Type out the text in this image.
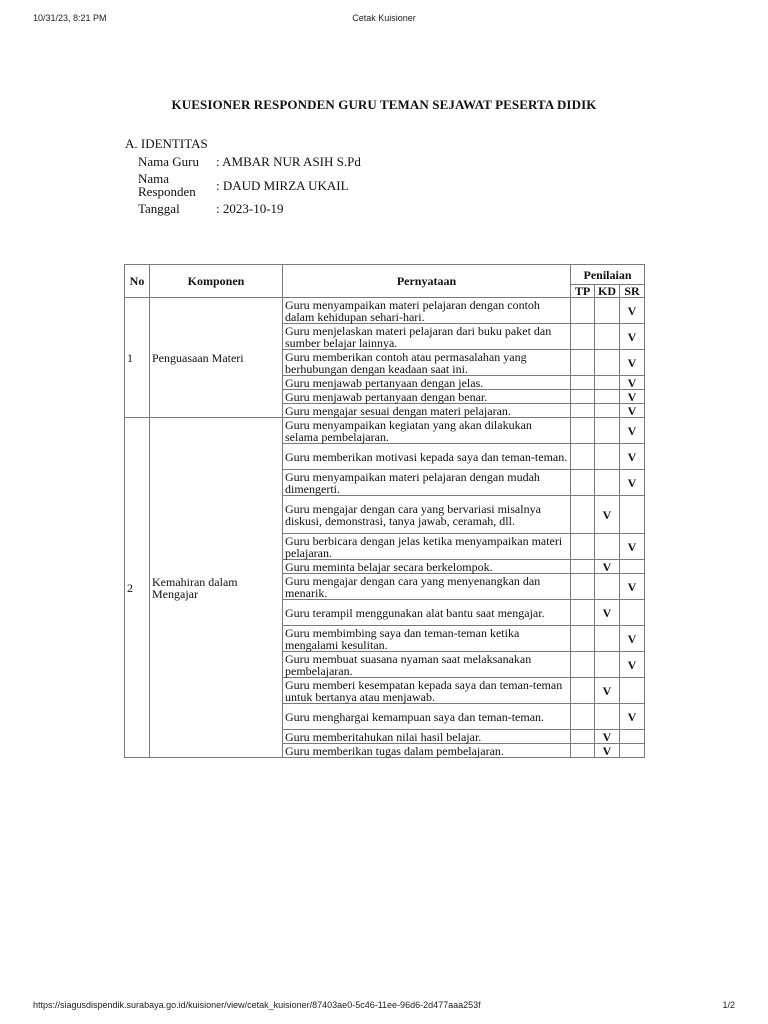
10/31/23, 8:21 PM	Cetak Kuisioner
KUESIONER RESPONDEN GURU TEMAN SEJAWAT PESERTA DIDIK
A. IDENTITAS
Nama Guru	: AMBAR NUR ASIH S.Pd
Nama Responden	: DAUD MIRZA UKAIL
Tanggal	: 2023-10-19
No	Komponen	Pernyataan	Penilaian		
			TP	KD	SR
1	Penguasaan Materi	Guru menyampaikan materi pelajaran dengan contoh dalam kehidupan sehari-hari.			V
		Guru menjelaskan materi pelajaran dari buku paket dan sumber belajar lainnya.			V
		Guru memberikan contoh atau permasalahan yang berhubungan dengan keadaan saat ini.			V
		Guru menjawab pertanyaan dengan jelas.			V
		Guru menjawab pertanyaan dengan benar.			V
		Guru mengajar sesuai dengan materi pelajaran.			V
2	Kemahiran dalam Mengajar	Guru menyampaikan kegiatan yang akan dilakukan selama pembelajaran.			V
		Guru memberikan motivasi kepada saya dan teman-teman.			V
		Guru menyampaikan materi pelajaran dengan mudah dimengerti.			V
		Guru mengajar dengan cara yang bervariasi misalnya diskusi, demonstrasi, tanya jawab, ceramah, dll.		V	
		Guru berbicara dengan jelas ketika menyampaikan materi pelajaran.			V
		Guru meminta belajar secara berkelompok.		V	
		Guru mengajar dengan cara yang menyenangkan dan menarik.			V
		Guru terampil menggunakan alat bantu saat mengajar.		V	
		Guru membimbing saya dan teman-teman ketika mengalami kesulitan.			V
		Guru membuat suasana nyaman saat melaksanakan pembelajaran.			V
		Guru memberi kesempatan kepada saya dan teman-teman untuk bertanya atau menjawab.		V	
		Guru menghargai kemampuan saya dan teman-teman.			V
		Guru memberitahukan nilai hasil belajar.		V	
		Guru memberikan tugas dalam pembelajaran.		V	
https://siagusdispendik.surabaya.go.id/kuisioner/view/cetak_kuisioner/87403ae0-5c46-11ee-96d6-2d477aaa253f	1/2
